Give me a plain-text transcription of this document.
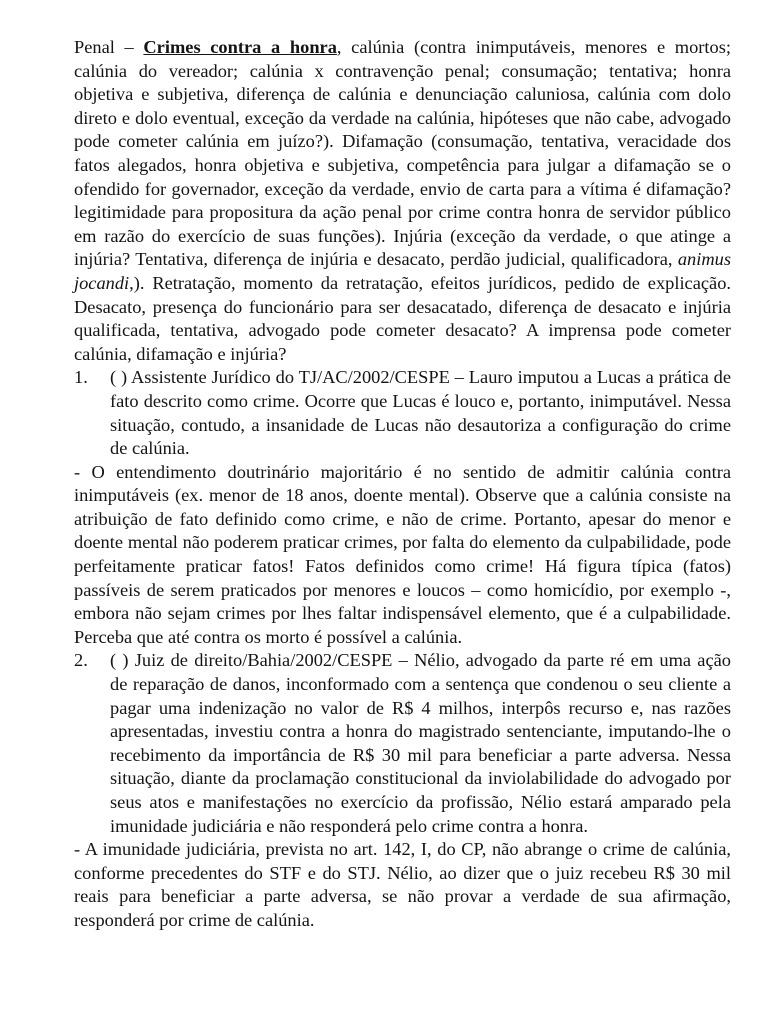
Penal – Crimes contra a honra, calúnia (contra inimputáveis, menores e mortos; calúnia do vereador; calúnia x contravenção penal; consumação; tentativa; honra objetiva e subjetiva, diferença de calúnia e denunciação caluniosa, calúnia com dolo direto e dolo eventual, exceção da verdade na calúnia, hipóteses que não cabe, advogado pode cometer calúnia em juízo?). Difamação (consumação, tentativa, veracidade dos fatos alegados, honra objetiva e subjetiva, competência para julgar a difamação se o ofendido for governador, exceção da verdade, envio de carta para a vítima é difamação? legitimidade para propositura da ação penal por crime contra honra de servidor público em razão do exercício de suas funções). Injúria (exceção da verdade, o que atinge a injúria? Tentativa, diferença de injúria e desacato, perdão judicial, qualificadora, animus jocandi,). Retratação, momento da retratação, efeitos jurídicos, pedido de explicação. Desacato, presença do funcionário para ser desacatado, diferença de desacato e injúria qualificada, tentativa, advogado pode cometer desacato? A imprensa pode cometer calúnia, difamação e injúria?

1.	( ) Assistente Jurídico do TJ/AC/2002/CESPE – Lauro imputou a Lucas a prática de fato descrito como crime. Ocorre que Lucas é louco e, portanto, inimputável. Nessa situação, contudo, a insanidade de Lucas não desautoriza a configuração do crime de calúnia.

- O entendimento doutrinário majoritário é no sentido de admitir calúnia contra inimputáveis (ex. menor de 18 anos, doente mental). Observe que a calúnia consiste na atribuição de fato definido como crime, e não de crime. Portanto, apesar do menor e doente mental não poderem praticar crimes, por falta do elemento da culpabilidade, pode perfeitamente praticar fatos! Fatos definidos como crime! Há figura típica (fatos) passíveis de serem praticados por menores e loucos – como homicídio, por exemplo -, embora não sejam crimes por lhes faltar indispensável elemento, que é a culpabilidade. Perceba que até contra os morto é possível a calúnia.

2.	( ) Juiz de direito/Bahia/2002/CESPE – Nélio, advogado da parte ré em uma ação de reparação de danos, inconformado com a sentença que condenou o seu cliente a pagar uma indenização no valor de R$ 4 milhos, interpôs recurso e, nas razões apresentadas, investiu contra a honra do magistrado sentenciante, imputando-lhe o recebimento da importância de R$ 30 mil para beneficiar a parte adversa. Nessa situação, diante da proclamação constitucional da inviolabilidade do advogado por seus atos e manifestações no exercício da profissão, Nélio estará amparado pela imunidade judiciária e não responderá pelo crime contra a honra.

- A imunidade judiciária, prevista no art. 142, I, do CP, não abrange o crime de calúnia, conforme precedentes do STF e do STJ. Nélio, ao dizer que o juiz recebeu R$ 30 mil reais para beneficiar a parte adversa, se não provar a verdade de sua afirmação, responderá por crime de calúnia.
